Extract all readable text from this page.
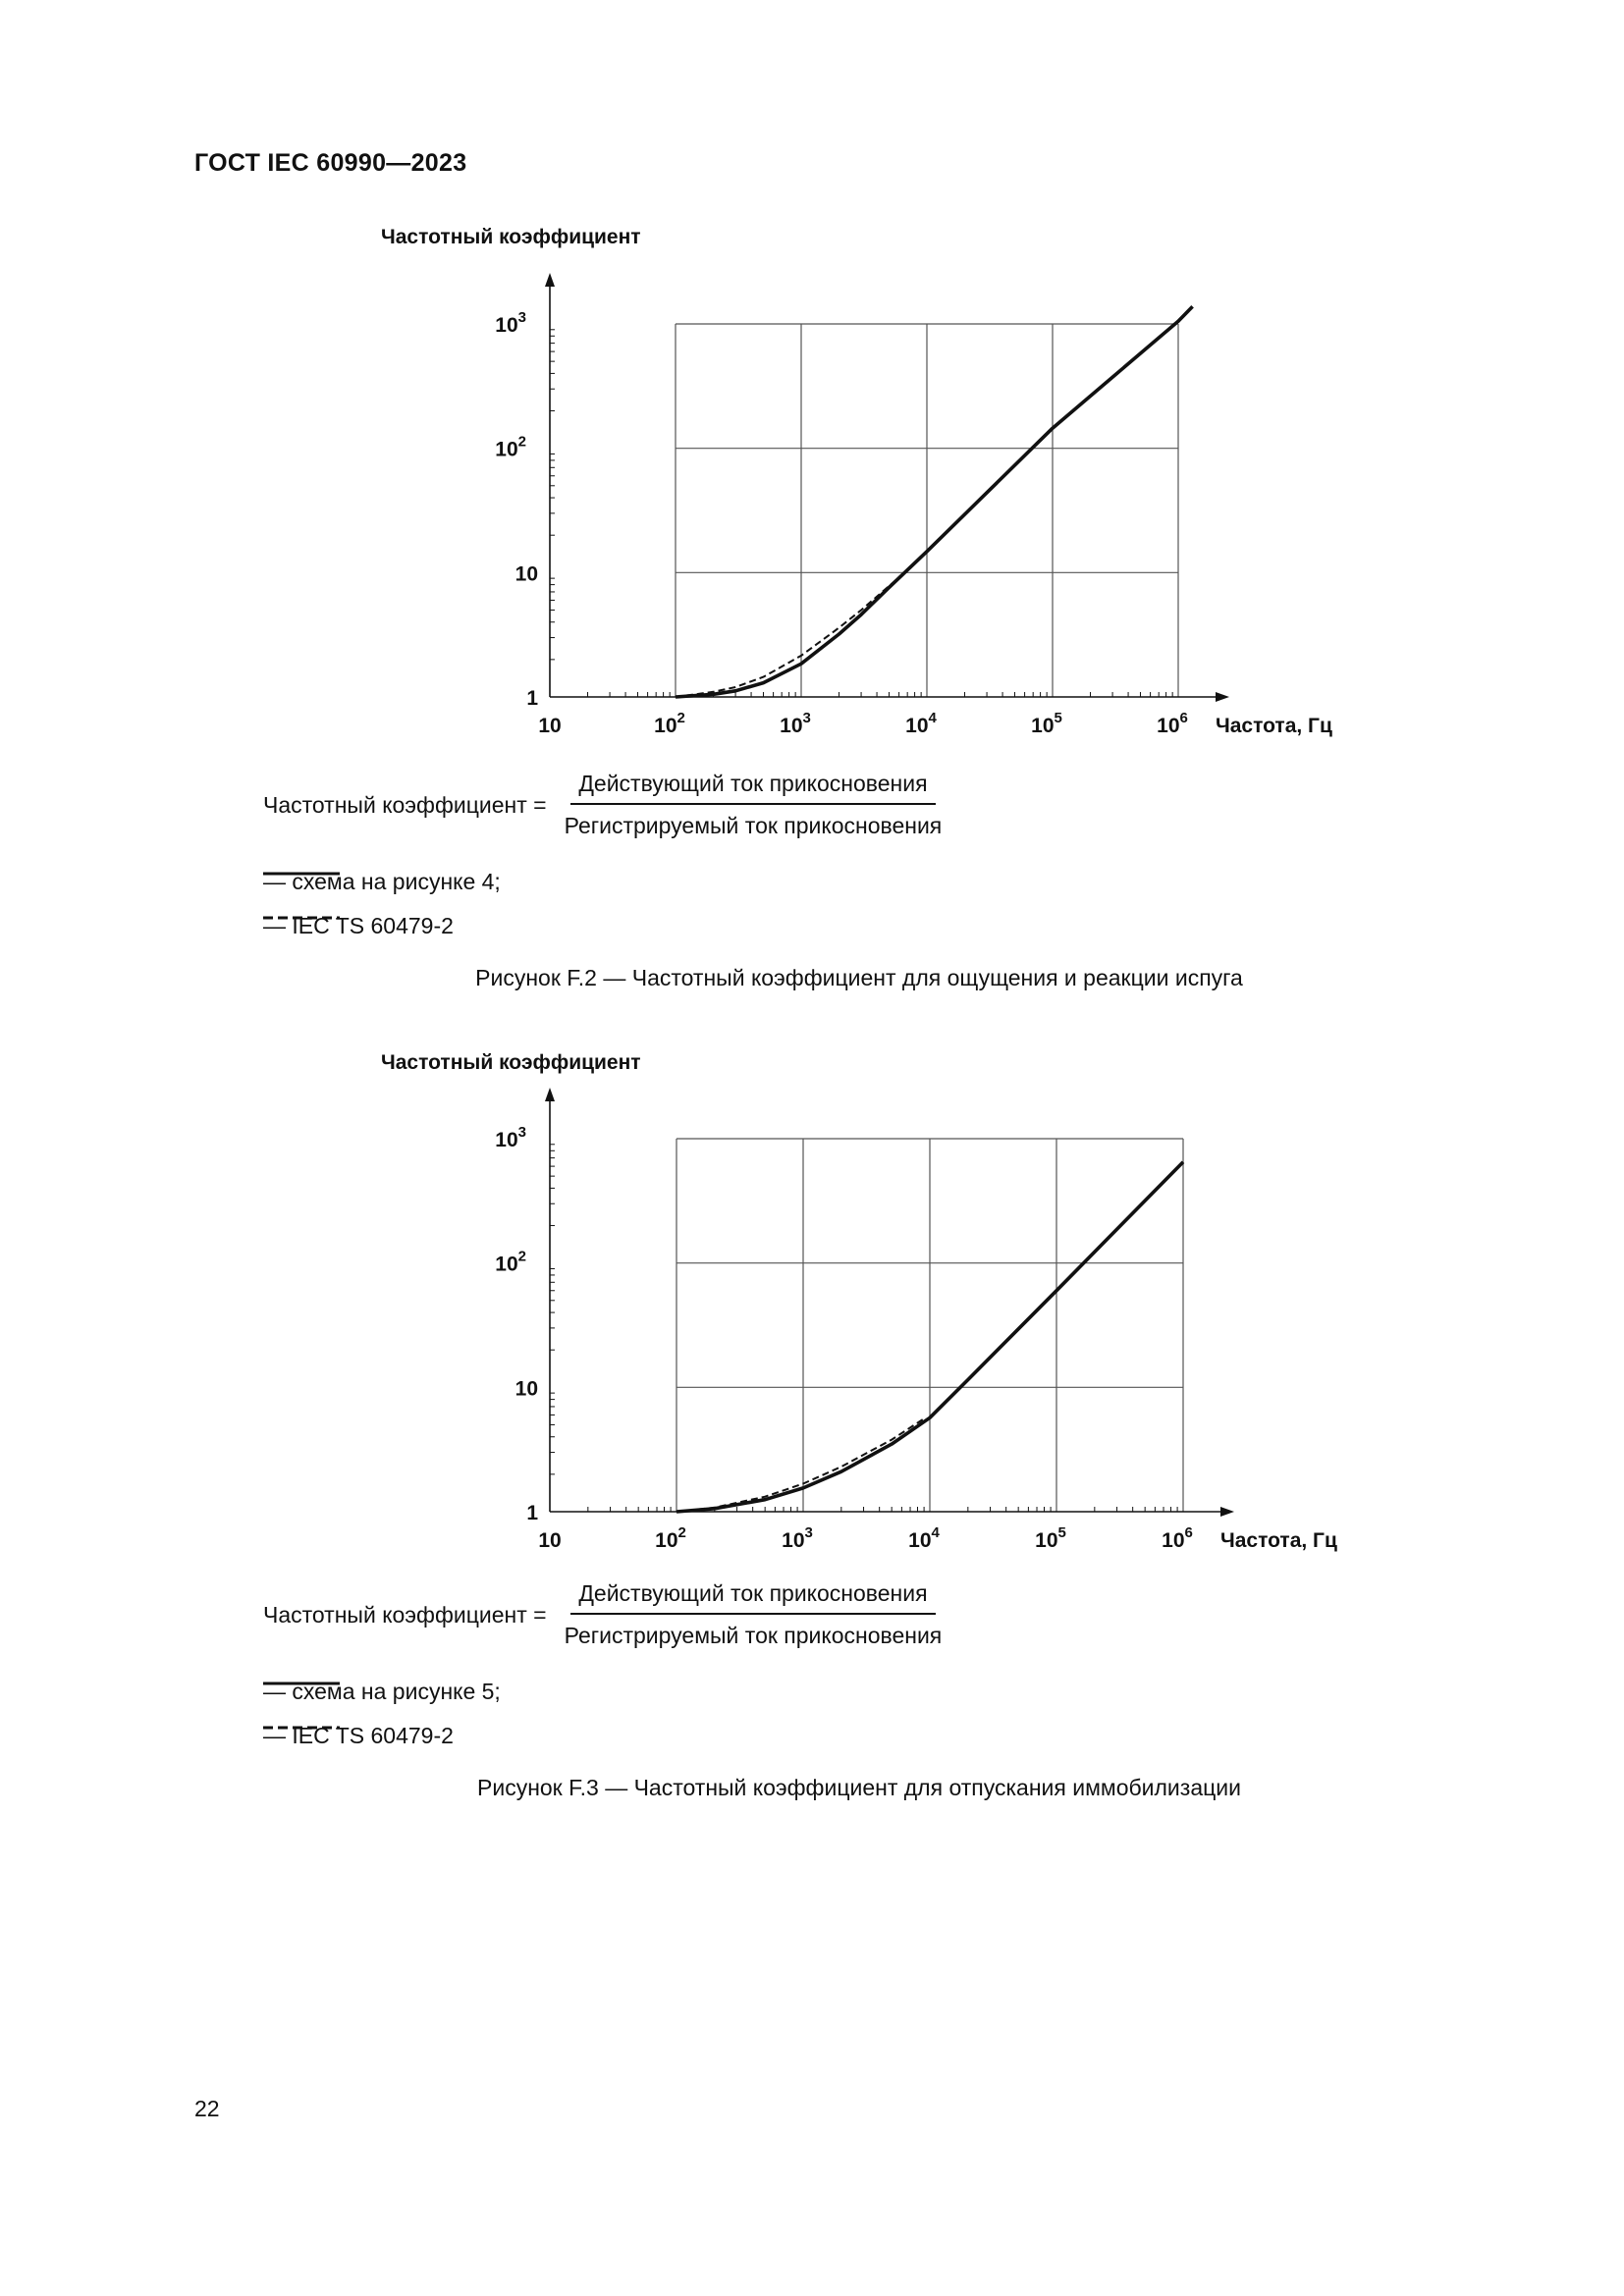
ГОСТ IEC 60990—2023
10	$10^2$	$10^3$	$10^4$	$10^5$	$10^6$
1
10
$10^2$
$10^3$
Частотный коэффициент
Частота, Гц
Частотный коэффициент = $\frac{\text{Действующий ток прикосновения}}{\text{Регистрируемый ток прикосновения}}$
— схема на рисунке 4;
— IEC TS 60479-2
Рисунок F.2 — Частотный коэффициент для ощущения и реакции испуга
10	$10^2$	$10^3$	$10^4$	$10^5$	$10^6$
1
10
$10^2$
$10^3$
Частотный коэффициент
Частота, Гц
Частотный коэффициент = $\frac{\text{Действующий ток прикосновения}}{\text{Регистрируемый ток прикосновения}}$
— схема на рисунке 5;
— IEC TS 60479-2
Рисунок F.3 — Частотный коэффициент для отпускания иммобилизации
22
